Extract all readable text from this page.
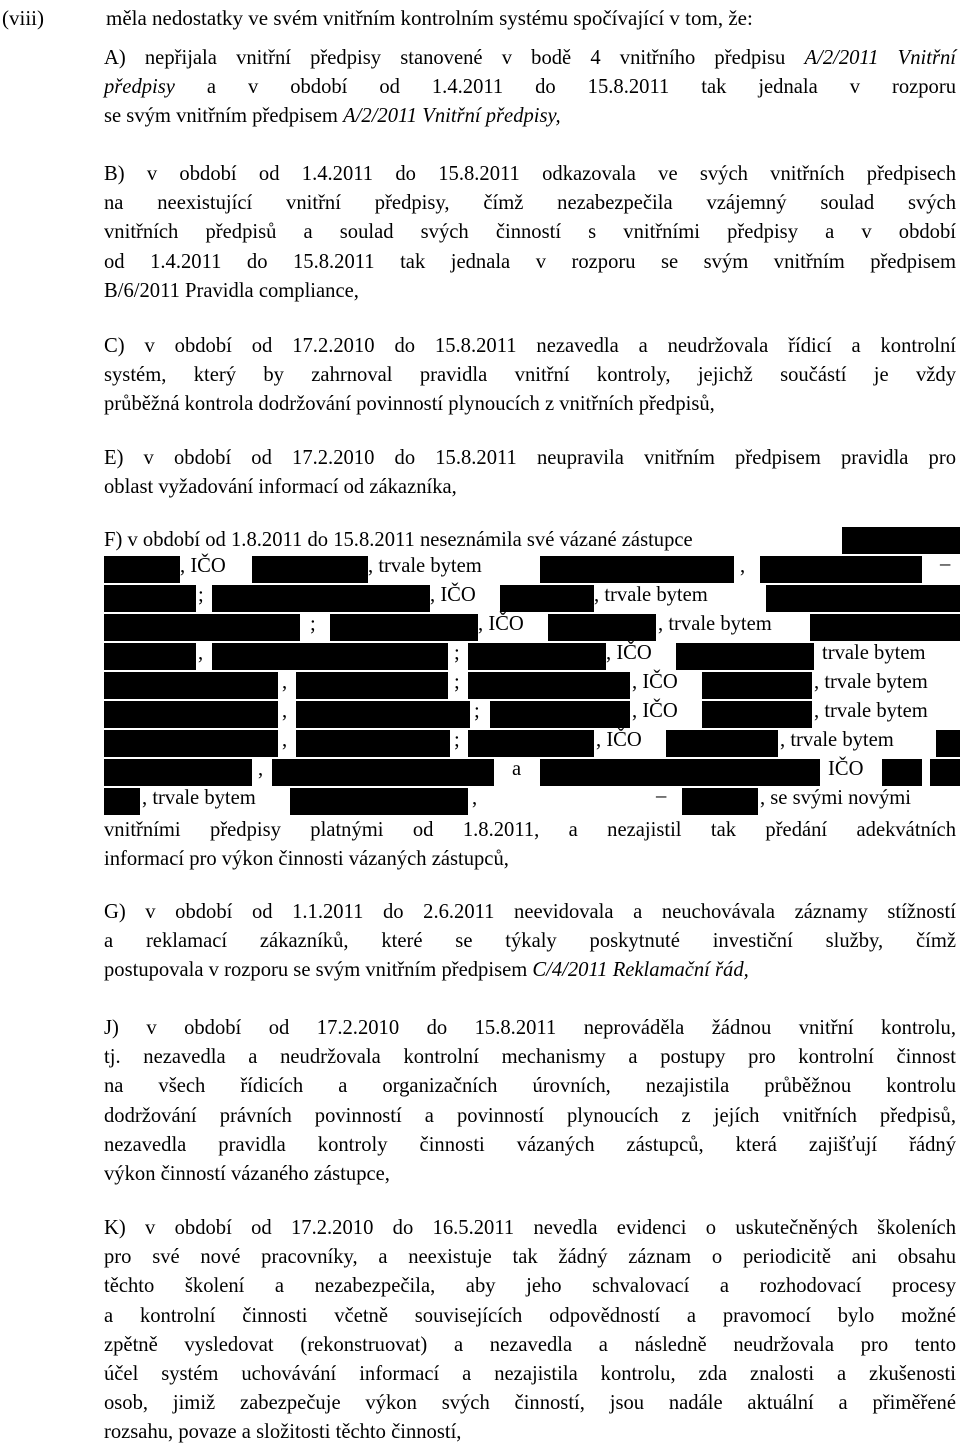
(viii)	měla nedostatky ve svém vnitřním kontrolním systému spočívající v tom, že:
A) nepřijala vnitřní předpisy stanovené v bodě 4 vnitřního předpisu A/2/2011 Vnitřní
předpisy a v období od 1.4.2011 do 15.8.2011 tak jednala v rozporu
se svým vnitřním předpisem A/2/2011 Vnitřní předpisy,
B) v období od 1.4.2011 do 15.8.2011 odkazovala ve svých vnitřních předpisech
na neexistující vnitřní předpisy, čímž nezabezpečila vzájemný soulad svých
vnitřních předpisů a soulad svých činností s vnitřními předpisy a v období
od 1.4.2011 do 15.8.2011 tak jednala v rozporu se svým vnitřním předpisem
B/6/2011 Pravidla compliance,
C) v období od 17.2.2010 do 15.8.2011 nezavedla a neudržovala řídicí a kontrolní
systém, který by zahrnoval pravidla vnitřní kontroly, jejichž součástí je vždy
průběžná kontrola dodržování povinností plynoucích z vnitřních předpisů,
E) v období od 17.2.2010 do 15.8.2011 neupravila vnitřním předpisem pravidla pro
oblast vyžadování informací od zákazníka,
F) v období od 1.8.2011 do 15.8.2011 neseznámila své vázané zástupce
, IČO	, trvale bytem	,	–
;	, IČO	, trvale bytem
;	, IČO	, trvale bytem
,	;	, IČO	trvale bytem
,	;	, IČO	, trvale bytem
,	;	, IČO	, trvale bytem
,	;	, IČO	, trvale bytem
,	a	IČO
, trvale bytem	,	–	, se svými novými
vnitřními předpisy platnými od 1.8.2011, a nezajistil tak předání adekvátních
informací pro výkon činnosti vázaných zástupců,
G) v období od 1.1.2011 do 2.6.2011 neevidovala a neuchovávala záznamy stížností
a reklamací zákazníků, které se týkaly poskytnuté investiční služby, čímž
postupovala v rozporu se svým vnitřním předpisem C/4/2011 Reklamační řád,
J) v období od 17.2.2010 do 15.8.2011 neprováděla žádnou vnitřní kontrolu,
tj. nezavedla a neudržovala kontrolní mechanismy a postupy pro kontrolní činnost
na všech řídicích a organizačních úrovních, nezajistila průběžnou kontrolu
dodržování právních povinností a povinností plynoucích z jejích vnitřních předpisů,
nezavedla pravidla kontroly činnosti vázaných zástupců, která zajišťují řádný
výkon činností vázaného zástupce,
K) v období od 17.2.2010 do 16.5.2011 nevedla evidenci o uskutečněných školeních
pro své nové pracovníky, a neexistuje tak žádný záznam o periodicitě ani obsahu
těchto školení a nezabezpečila, aby jeho schvalovací a rozhodovací procesy
a kontrolní činnosti včetně souvisejících odpovědností a pravomocí bylo možné
zpětně vysledovat (rekonstruovat) a nezavedla a následně neudržovala pro tento
účel systém uchovávání informací a nezajistila kontrolu, zda znalosti a zkušenosti
osob, jimiž zabezpečuje výkon svých činností, jsou nadále aktuální a přiměřené
rozsahu, povaze a složitosti těchto činností,
